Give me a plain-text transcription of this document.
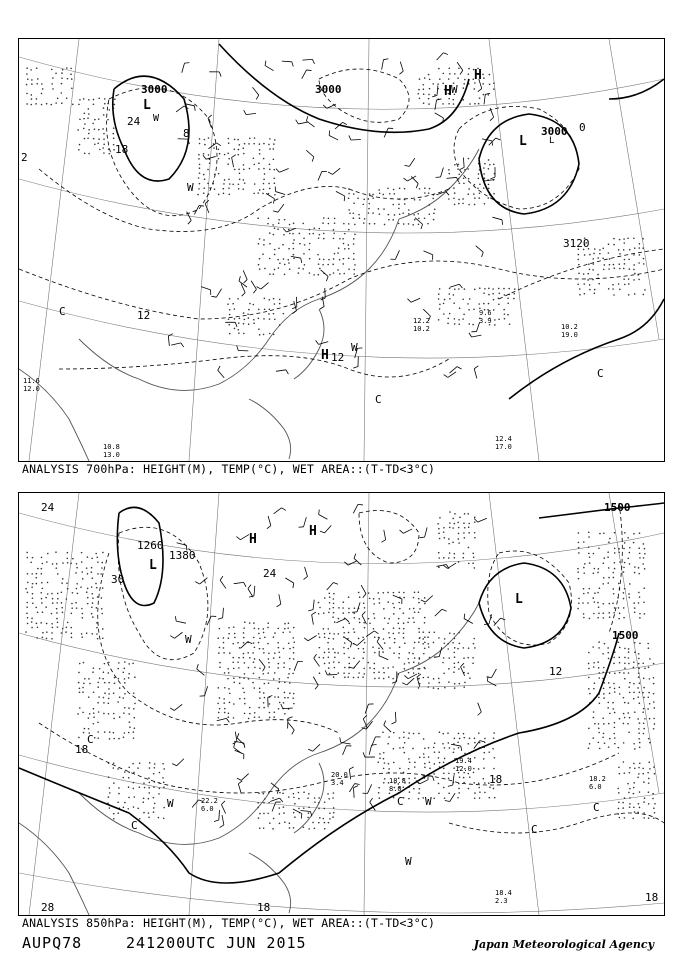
3000	3000
3000
3120
24
18
12
12
0
2
8
L
L L
H
H
H
W
W
W
W
C
C
C
12.4
17.0
10.2
19.0
9.6
3.9
12.2
10.2
11.6
12.0
10.8
13.0
ANALYSIS 700hPa: HEIGHT(M), TEMP(°C), WET AREA::(T-TD<3°C)
1500
1500
1380
1260
24
18
18
12
18
30
28
18
24
L
L
H
H
W
W	W
W
C	C
C
C
C
18.4
2.3
18.2
6.0
19.4
12.0
18.8
8.0
20.0
3.4
22.2
6.0
ANALYSIS 850hPa: HEIGHT(M), TEMP(°C), WET AREA::(T-TD<3°C)
AUPQ78	241200UTC JUN 2015	Japan Meteorological Agency
